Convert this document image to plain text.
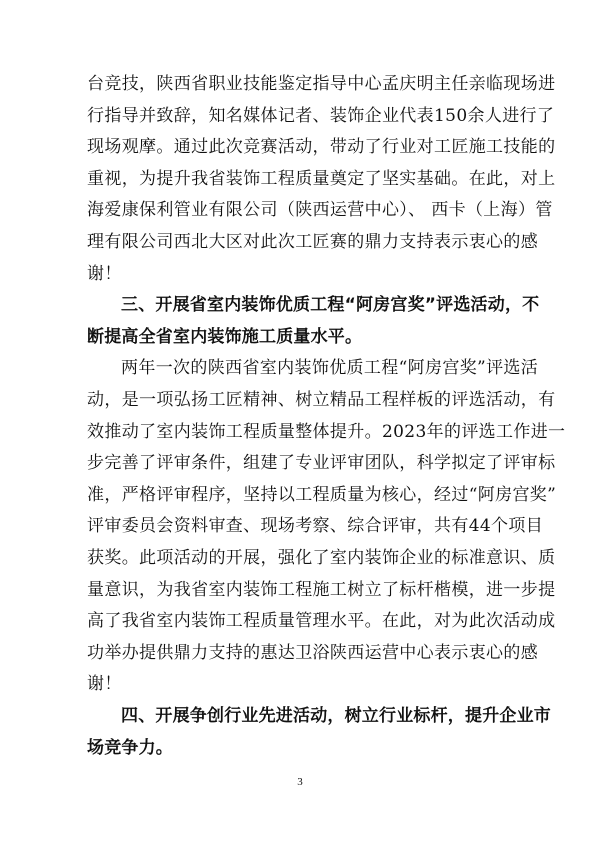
台竞技，陕西省职业技能鉴定指导中心孟庆明主任亲临现场进
行指导并致辞，知名媒体记者、装饰企业代表150余人进行了
现场观摩。通过此次竞赛活动，带动了行业对工匠施工技能的
重视，为提升我省装饰工程质量奠定了坚实基础。在此，对上
海爱康保利管业有限公司（陕西运营中心）、 西卡（上海）管
理有限公司西北大区对此次工匠赛的鼎力支持表示衷心的感
谢！
三、开展省室内装饰优质工程“阿房宫奖”评选活动，不
断提高全省室内装饰施工质量水平。
两年一次的陕西省室内装饰优质工程“阿房宫奖”评选活
动，是一项弘扬工匠精神、树立精品工程样板的评选活动，有
效推动了室内装饰工程质量整体提升。2023年的评选工作进一
步完善了评审条件，组建了专业评审团队，科学拟定了评审标
准，严格评审程序，坚持以工程质量为核心，经过“阿房宫奖”
评审委员会资料审查、现场考察、综合评审，共有44个项目
获奖。此项活动的开展，强化了室内装饰企业的标准意识、质
量意识，为我省室内装饰工程施工树立了标杆楷模，进一步提
高了我省室内装饰工程质量管理水平。在此，对为此次活动成
功举办提供鼎力支持的惠达卫浴陕西运营中心表示衷心的感
谢！
四、开展争创行业先进活动，树立行业标杆，提升企业市
场竞争力。
3
